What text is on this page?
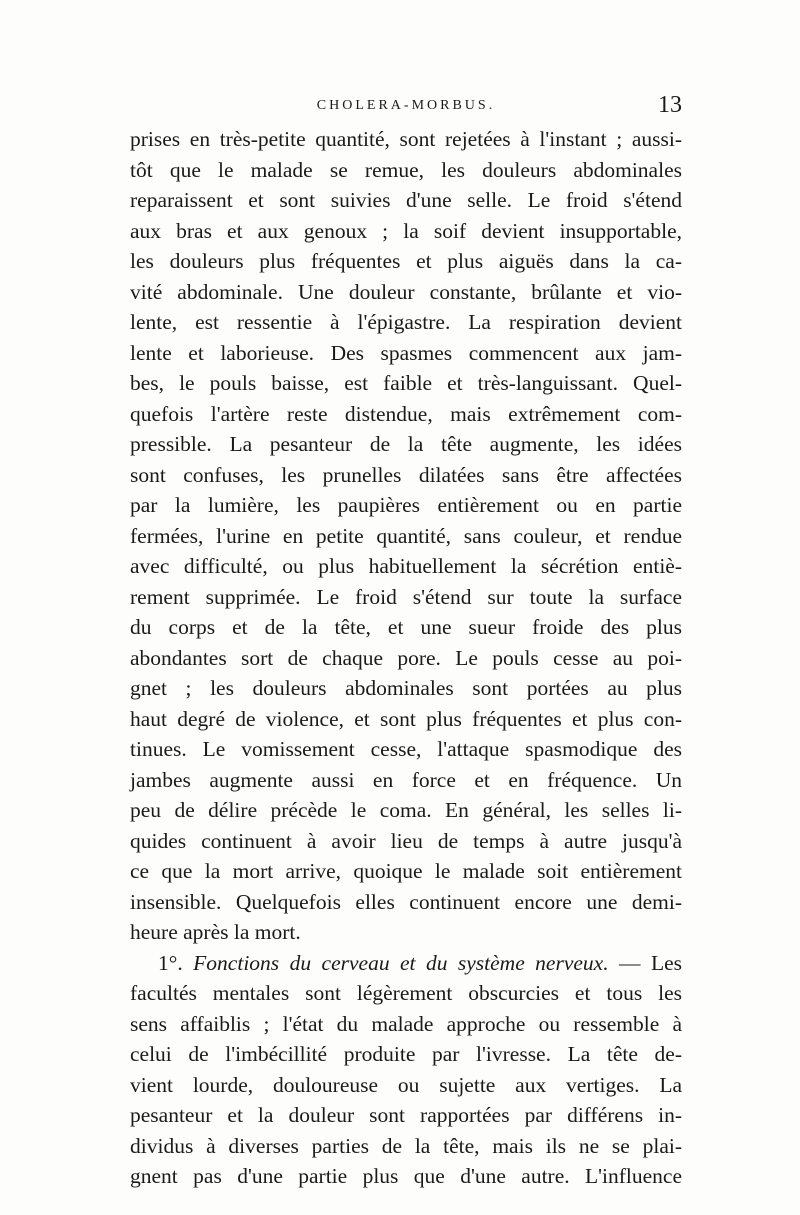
CHOLERA-MORBUS.	13
prises en très-petite quantité, sont rejetées à l'instant ; aussi-
tôt que le malade se remue, les douleurs abdominales
reparaissent et sont suivies d'une selle. Le froid s'étend
aux bras et aux genoux ; la soif devient insupportable,
les douleurs plus fréquentes et plus aiguës dans la ca-
vité abdominale. Une douleur constante, brûlante et vio-
lente, est ressentie à l'épigastre. La respiration devient
lente et laborieuse. Des spasmes commencent aux jam-
bes, le pouls baisse, est faible et très-languissant. Quel-
quefois l'artère reste distendue, mais extrêmement com-
pressible. La pesanteur de la tête augmente, les idées
sont confuses, les prunelles dilatées sans être affectées
par la lumière, les paupières entièrement ou en partie
fermées, l'urine en petite quantité, sans couleur, et rendue
avec difficulté, ou plus habituellement la sécrétion entiè-
rement supprimée. Le froid s'étend sur toute la surface
du corps et de la tête, et une sueur froide des plus
abondantes sort de chaque pore. Le pouls cesse au poi-
gnet ; les douleurs abdominales sont portées au plus
haut degré de violence, et sont plus fréquentes et plus con-
tinues. Le vomissement cesse, l'attaque spasmodique des
jambes augmente aussi en force et en fréquence. Un
peu de délire précède le coma. En général, les selles li-
quides continuent à avoir lieu de temps à autre jusqu'à
ce que la mort arrive, quoique le malade soit entièrement
insensible. Quelquefois elles continuent encore une demi-
heure après la mort.
1°. Fonctions du cerveau et du système nerveux. — Les
facultés mentales sont légèrement obscurcies et tous les
sens affaiblis ; l'état du malade approche ou ressemble à
celui de l'imbécillité produite par l'ivresse. La tête de-
vient lourde, douloureuse ou sujette aux vertiges. La
pesanteur et la douleur sont rapportées par différens in-
dividus à diverses parties de la tête, mais ils ne se plai-
gnent pas d'une partie plus que d'une autre. L'influence
